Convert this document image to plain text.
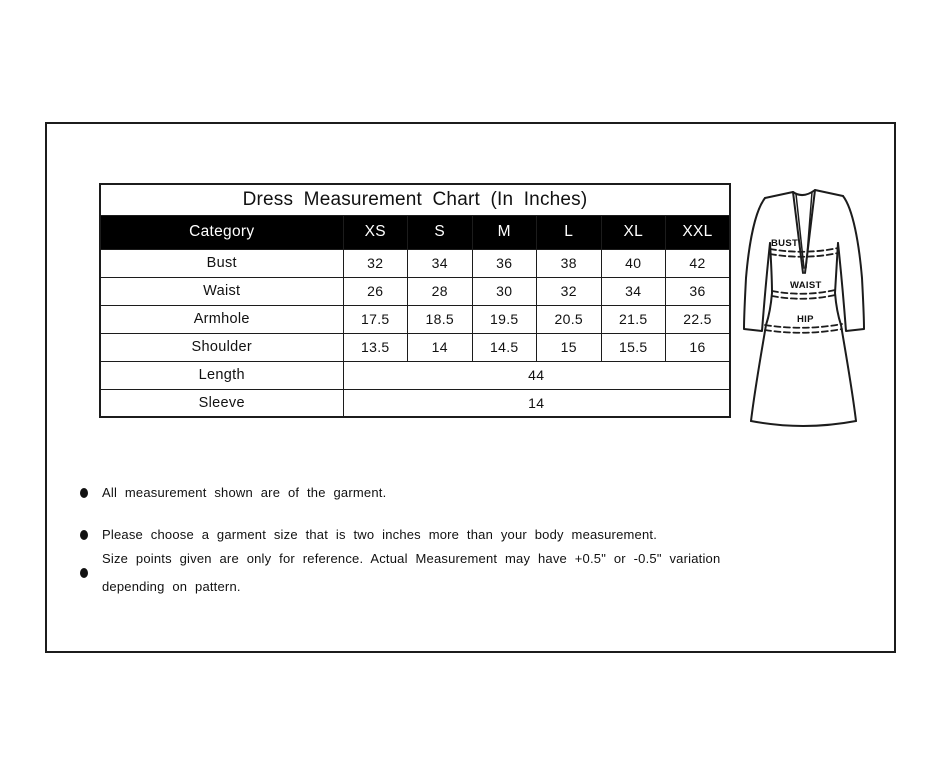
Dress Measurement Chart (In Inches)						
Category	XS	S	M	L	XL	XXL
Bust	32	34	36	38	40	42
Waist	26	28	30	32	34	36
Armhole	17.5	18.5	19.5	20.5	21.5	22.5
Shoulder	13.5	14	14.5	15	15.5	16
Length	44					
Sleeve	14					
BUST
WAIST
HIP

All measurement shown are of the garment.

Please choose a garment size that is two inches more than your body measurement.

Size points given are only for reference. Actual Measurement may have +0.5" or -0.5" variation depending on pattern.
